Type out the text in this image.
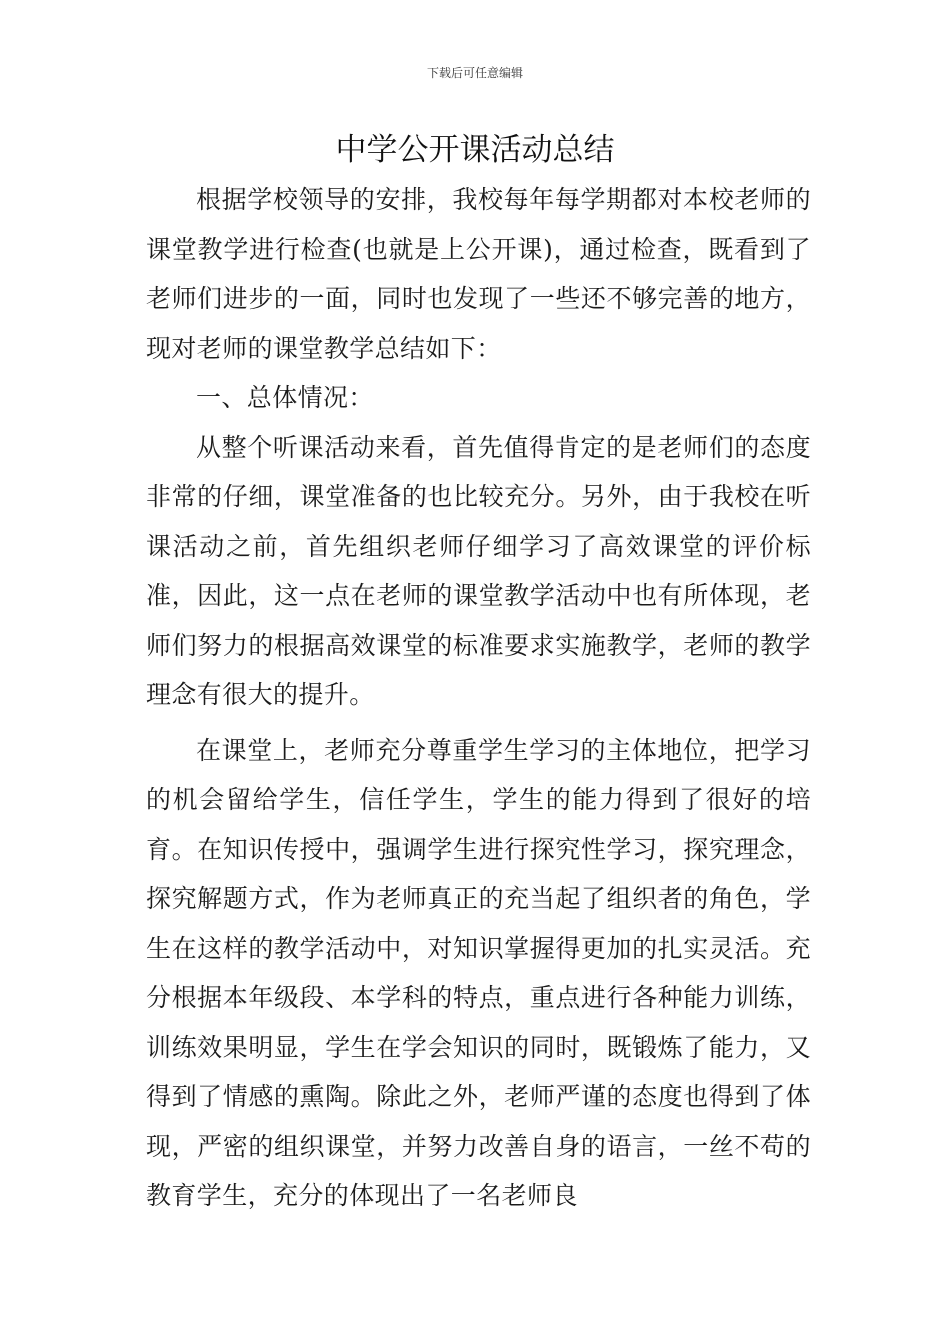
下载后可任意编辑
中学公开课活动总结

根据学校领导的安排，我校每年每学期都对本校老师的课堂教学进行检查(也就是上公开课)，通过检查，既看到了老师们进步的一面，同时也发现了一些还不够完善的地方，现对老师的课堂教学总结如下：

一、总体情况：

从整个听课活动来看，首先值得肯定的是老师们的态度非常的仔细，课堂准备的也比较充分。另外，由于我校在听课活动之前，首先组织老师仔细学习了高效课堂的评价标准，因此，这一点在老师的课堂教学活动中也有所体现，老师们努力的根据高效课堂的标准要求实施教学，老师的教学理念有很大的提升。

在课堂上，老师充分尊重学生学习的主体地位，把学习的机会留给学生，信任学生，学生的能力得到了很好的培育。在知识传授中，强调学生进行探究性学习，探究理念，探究解题方式，作为老师真正的充当起了组织者的角色，学生在这样的教学活动中，对知识掌握得更加的扎实灵活。充分根据本年级段、本学科的特点，重点进行各种能力训练，训练效果明显，学生在学会知识的同时，既锻炼了能力，又得到了情感的熏陶。除此之外，老师严谨的态度也得到了体现，严密的组织课堂，并努力改善自身的语言，一丝不苟的教育学生，充分的体现出了一名老师良
